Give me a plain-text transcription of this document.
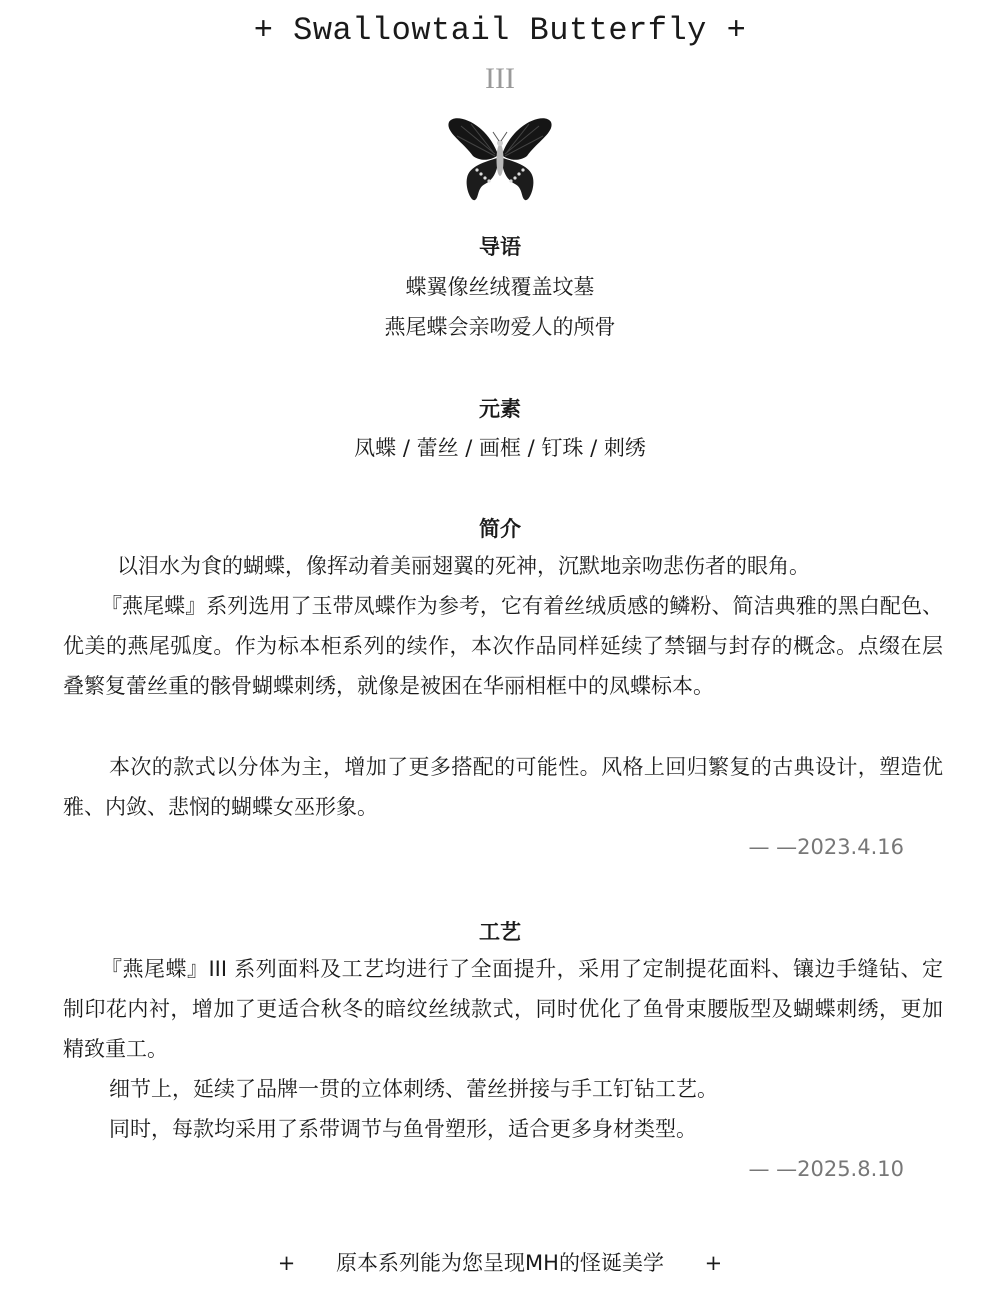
+ Swallowtail Butterfly +
III
导语
蝶翼像丝绒覆盖坟墓
燕尾蝶会亲吻爱人的颅骨
元素
凤蝶 / 蕾丝 / 画框 / 钉珠 / 刺绣
简介

以泪水为食的蝴蝶，像挥动着美丽翅翼的死神，沉默地亲吻悲伤者的眼角。

『燕尾蝶』系列选用了玉带凤蝶作为参考，它有着丝绒质感的鳞粉、简洁典雅的黑白配色、优美的燕尾弧度。作为标本柜系列的续作，本次作品同样延续了禁锢与封存的概念。点缀在层叠繁复蕾丝重的骸骨蝴蝶刺绣，就像是被困在华丽相框中的凤蝶标本。

本次的款式以分体为主，增加了更多搭配的可能性。风格上回归繁复的古典设计，塑造优雅、内敛、悲悯的蝴蝶女巫形象。

— —2023.4.16
工艺

『燕尾蝶』III 系列面料及工艺均进行了全面提升，采用了定制提花面料、镶边手缝钻、定制印花内衬，增加了更适合秋冬的暗纹丝绒款式，同时优化了鱼骨束腰版型及蝴蝶刺绣，更加精致重工。

细节上，延续了品牌一贯的立体刺绣、蕾丝拼接与手工钉钻工艺。

同时，每款均采用了系带调节与鱼骨塑形，适合更多身材类型。

— —2025.8.10
+ 原本系列能为您呈现MH的怪诞美学 +
